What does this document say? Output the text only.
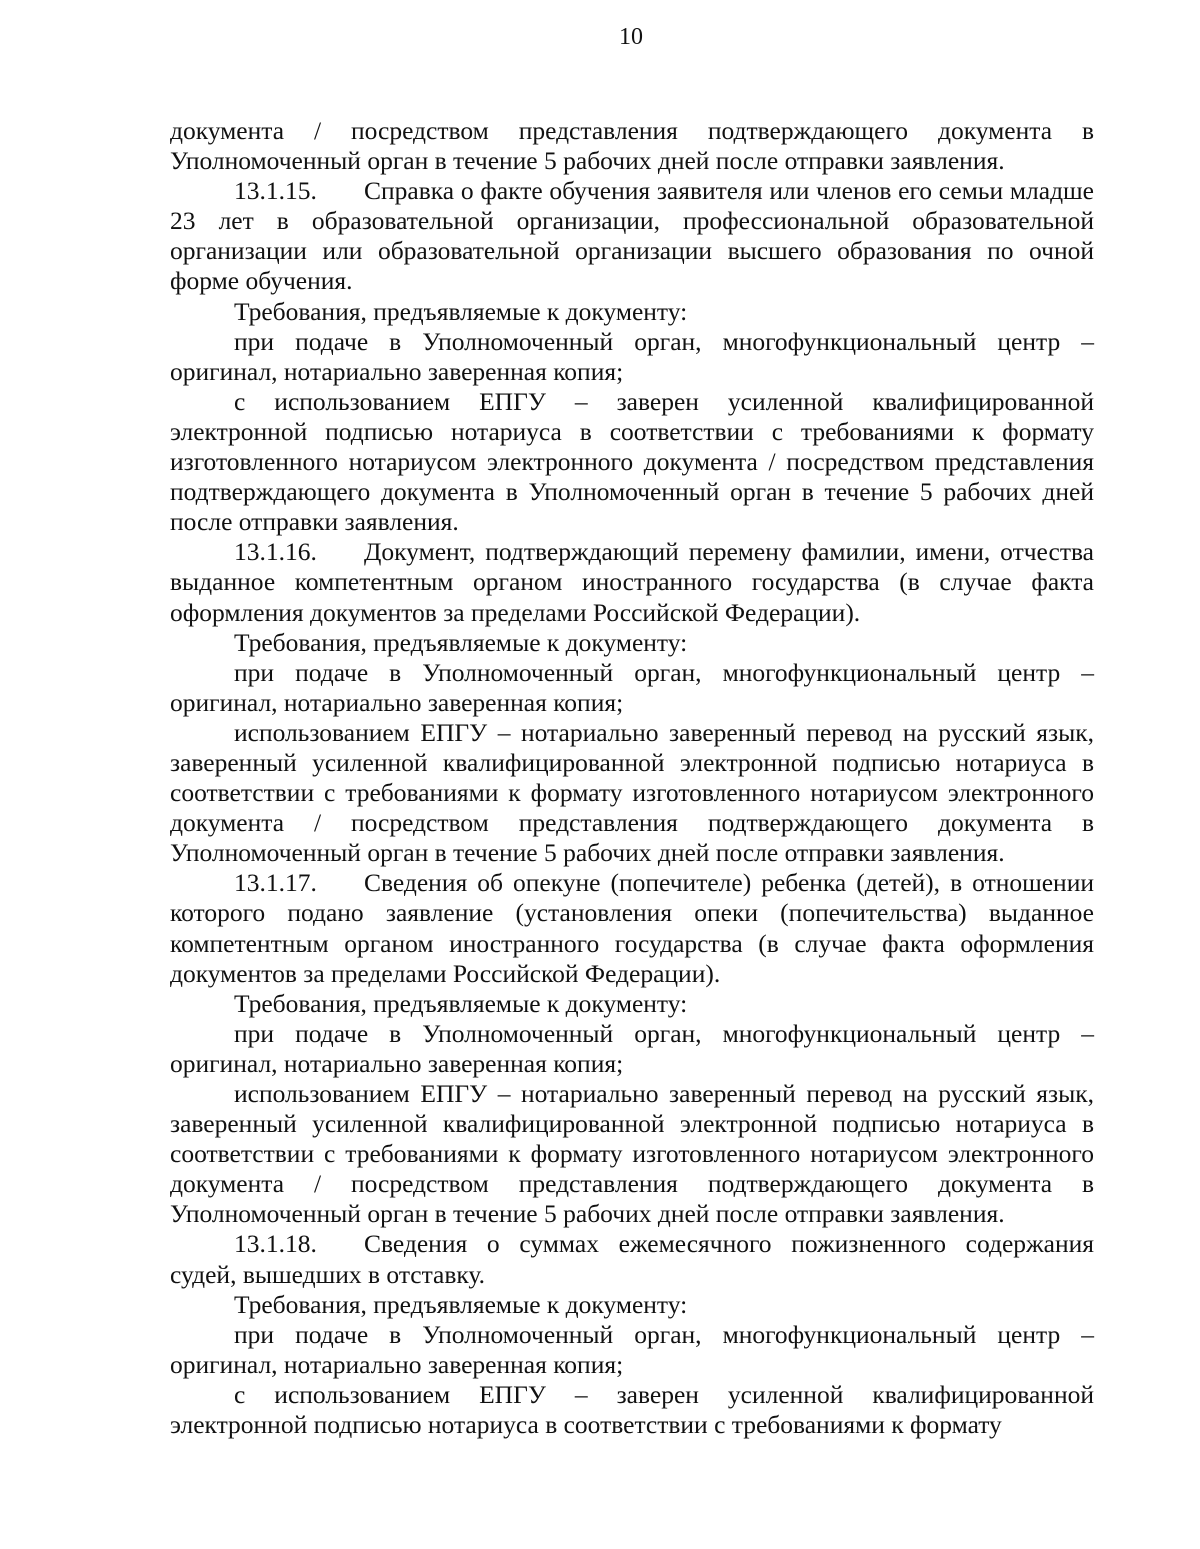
10

документа / посредством представления подтверждающего документа в Уполномоченный орган в течение 5 рабочих дней после отправки заявления.

13.1.15. Справка о факте обучения заявителя или членов его семьи младше 23 лет в образовательной организации, профессиональной образовательной организации или образовательной организации высшего образования по очной форме обучения.

Требования, предъявляемые к документу:

при подаче в Уполномоченный орган, многофункциональный центр – оригинал, нотариально заверенная копия;

с использованием ЕПГУ – заверен усиленной квалифицированной электронной подписью нотариуса в соответствии с требованиями к формату изготовленного нотариусом электронного документа / посредством представления подтверждающего документа в Уполномоченный орган в течение 5 рабочих дней после отправки заявления.

13.1.16. Документ, подтверждающий перемену фамилии, имени, отчества выданное компетентным органом иностранного государства (в случае факта оформления документов за пределами Российской Федерации).

Требования, предъявляемые к документу:

при подаче в Уполномоченный орган, многофункциональный центр – оригинал, нотариально заверенная копия;

использованием ЕПГУ – нотариально заверенный перевод на русский язык, заверенный усиленной квалифицированной электронной подписью нотариуса в соответствии с требованиями к формату изготовленного нотариусом электронного документа / посредством представления подтверждающего документа в Уполномоченный орган в течение 5 рабочих дней после отправки заявления.

13.1.17. Сведения об опекуне (попечителе) ребенка (детей), в отношении которого подано заявление (установления опеки (попечительства) выданное компетентным органом иностранного государства (в случае факта оформления документов за пределами Российской Федерации).

Требования, предъявляемые к документу:

при подаче в Уполномоченный орган, многофункциональный центр – оригинал, нотариально заверенная копия;

использованием ЕПГУ – нотариально заверенный перевод на русский язык, заверенный усиленной квалифицированной электронной подписью нотариуса в соответствии с требованиями к формату изготовленного нотариусом электронного документа / посредством представления подтверждающего документа в Уполномоченный орган в течение 5 рабочих дней после отправки заявления.

13.1.18. Сведения о суммах ежемесячного пожизненного содержания судей, вышедших в отставку.

Требования, предъявляемые к документу:

при подаче в Уполномоченный орган, многофункциональный центр – оригинал, нотариально заверенная копия;

с использованием ЕПГУ – заверен усиленной квалифицированной электронной подписью нотариуса в соответствии с требованиями к формату
